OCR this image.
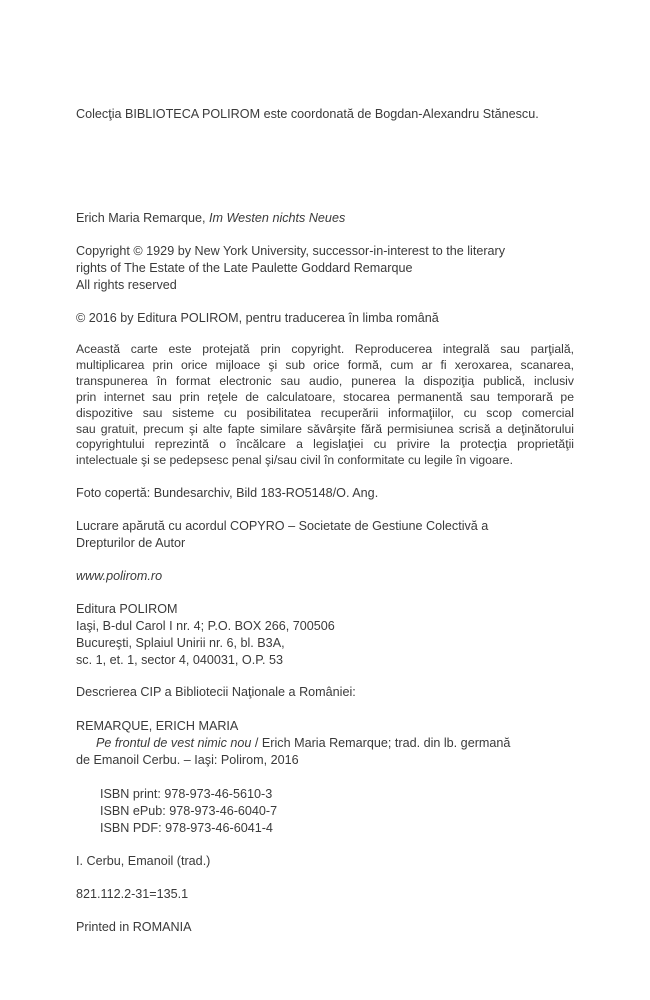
Colecţia BIBLIOTECA POLIROM este coordonată de Bogdan-Alexandru Stănescu.
Erich Maria Remarque, Im Westen nichts Neues
Copyright © 1929 by New York University, successor-in-interest to the literary
rights of The Estate of the Late Paulette Goddard Remarque
All rights reserved
© 2016 by Editura POLIROM, pentru traducerea în limba română
Această carte este protejată prin copyright. Reproducerea integrală sau parţială,
multiplicarea prin orice mijloace şi sub orice formă, cum ar fi xeroxarea, scanarea,
transpunerea în format electronic sau audio, punerea la dispoziţia publică, inclusiv
prin internet sau prin reţele de calculatoare, stocarea permanentă sau temporară pe
dispozitive sau sisteme cu posibilitatea recuperării informaţiilor, cu scop comercial
sau gratuit, precum şi alte fapte similare săvârşite fără permisiunea scrisă a deţinătorului
copyrightului reprezintă o încălcare a legislaţiei cu privire la protecţia proprietăţii
intelectuale şi se pedepsesc penal şi/sau civil în conformitate cu legile în vigoare.
Foto copertă: Bundesarchiv, Bild 183-RO5148/O. Ang.
Lucrare apărută cu acordul COPYRO – Societate de Gestiune Colectivă a
Drepturilor de Autor
www.polirom.ro
Editura POLIROM
Iaşi, B-dul Carol I nr. 4; P.O. BOX 266, 700506
Bucureşti, Splaiul Unirii nr. 6, bl. B3A,
sc. 1, et. 1, sector 4, 040031, O.P. 53
Descrierea CIP a Bibliotecii Naţionale a României:
REMARQUE, ERICH MARIA
Pe frontul de vest nimic nou / Erich Maria Remarque; trad. din lb. germană
de Emanoil Cerbu. – Iaşi: Polirom, 2016
ISBN print: 978-973-46-5610-3
ISBN ePub: 978-973-46-6040-7
ISBN PDF: 978-973-46-6041-4
I. Cerbu, Emanoil (trad.)
821.112.2-31=135.1
Printed in ROMANIA
